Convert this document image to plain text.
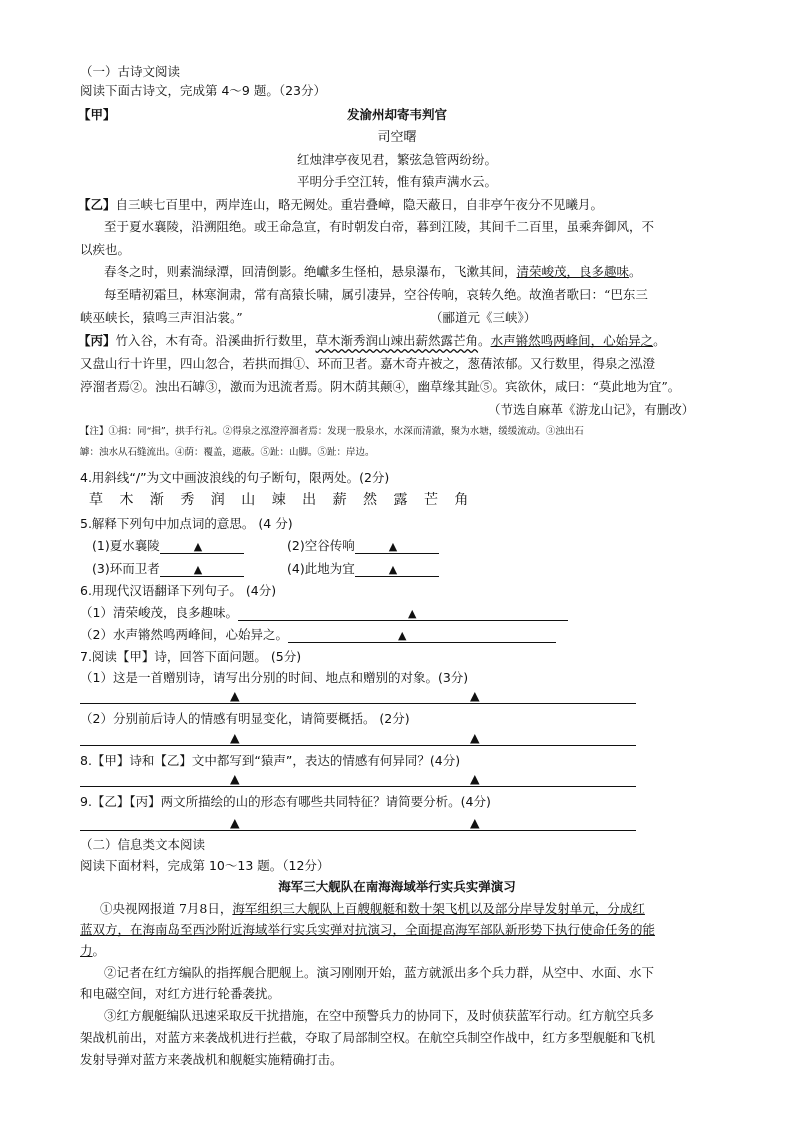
（一）古诗文阅读
阅读下面古诗文，完成第 4～9 题。（23分）
【甲】	发渝州却寄韦判官
司空曙
红烛津亭夜见君，繁弦急管两纷纷。
平明分手空江转，惟有猿声满水云。
【乙】自三峡七百里中，两岸连山，略无阙处。重岩叠嶂，隐天蔽日，自非亭午夜分不见曦月。
至于夏水襄陵，沿溯阻绝。或王命急宣，有时朝发白帝，暮到江陵，其间千二百里，虽乘奔御风，不
以疾也。
春冬之时，则素湍绿潭，回清倒影。绝巘多生怪柏，悬泉瀑布，飞漱其间，清荣峻茂，良多趣味。
每至晴初霜旦，林寒涧肃，常有高猿长啸，属引凄异，空谷传响，哀转久绝。故渔者歌曰：“巴东三
峡巫峡长，猿鸣三声泪沾裳。”	（郦道元《三峡》）
【丙】竹入谷，木有奇。沿溪曲折行数里，草木渐秀润山竦出薪然露芒角。水声锵然鸣两峰间，心始异之。
又盘山行十许里，四山忽合，若拱而揖①、环而卫者。嘉木奇卉被之，葱蒨浓郁。又行数里，得泉之泓澄
渟溜者焉②。浊出石罅③，激而为迅流者焉。阴木荫其颠④，幽草缘其趾⑤。宾欲休，咸曰：“莫此地为宜”。
（节选自麻革《游龙山记》，有删改）
【注】①揖：同“揖”，拱手行礼。②得泉之泓澄渟溜者焉：发现一股泉水，水深而清澈，聚为水塘，缓缓流动。③浊出石
罅：浊水从石缝流出。④荫：覆盖，遮蔽。⑤趾：山脚。⑤趾：岸边。
4.用斜线“/”为文中画波浪线的句子断句，限两处。(2分)
草 木 渐 秀 润 山 竦 出 薪 然 露 芒 角
5.解释下列句中加点词的意思。 (4 分)
(1)夏水襄陵	▲	(2)空谷传响	▲
(3)环而卫者	▲	(4)此地为宜	▲
6.用现代汉语翻译下列句子。 (4分)
（1）清荣峻茂，良多趣味。	▲
（2）水声锵然鸣两峰间，心始异之。	▲
7.阅读【甲】诗，回答下面问题。 (5分)
（1）这是一首赠别诗，请写出分别的时间、地点和赠别的对象。(3分)
▲	▲
（2）分别前后诗人的情感有明显变化，请简要概括。 (2分)
▲	▲
8.【甲】诗和【乙】文中都写到“猿声”，表达的情感有何异同？(4分)
▲	▲
9.【乙】【丙】两文所描绘的山的形态有哪些共同特征？请简要分析。(4分)
▲	▲
（二）信息类文本阅读
阅读下面材料，完成第 10～13 题。（12分）
海军三大舰队在南海海域举行实兵实弹演习
①央视网报道 7月8日，海军组织三大舰队上百艘舰艇和数十架飞机以及部分岸导发射单元，分成红
蓝双方，在海南岛至西沙附近海域举行实兵实弹对抗演习，全面提高海军部队新形势下执行使命任务的能
力。
②记者在红方编队的指挥舰合肥舰上。演习刚刚开始，蓝方就派出多个兵力群，从空中、水面、水下
和电磁空间，对红方进行轮番袭扰。
③红方舰艇编队迅速采取反干扰措施，在空中预警兵力的协同下，及时侦获蓝军行动。红方航空兵多
架战机前出，对蓝方来袭战机进行拦截，夺取了局部制空权。在航空兵制空作战中，红方多型舰艇和飞机
发射导弹对蓝方来袭战机和舰艇实施精确打击。
